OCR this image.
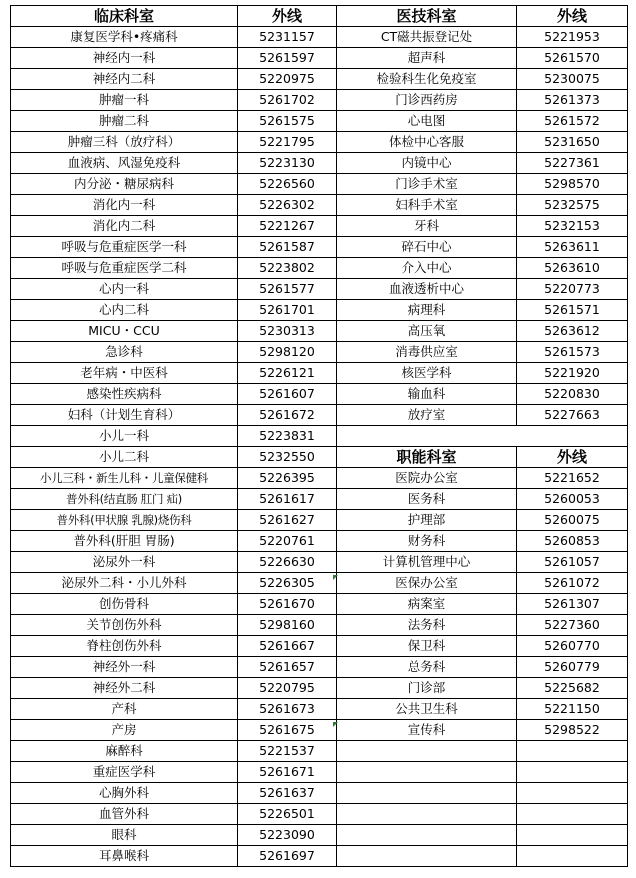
临床科室	外线	医技科室	外线
康复医学科•疼痛科	5231157	CT磁共振登记处	5221953
神经内一科	5261597	超声科	5261570
神经内二科	5220975	检验科生化免疫室	5230075
肿瘤一科	5261702	门诊西药房	5261373
肿瘤二科	5261575	心电图	5261572
肿瘤三科（放疗科）	5221795	体检中心客服	5231650
血液病、风湿免疫科	5223130	内镜中心	5227361
内分泌・糖尿病科	5226560	门诊手术室	5298570
消化内一科	5226302	妇科手术室	5232575
消化内二科	5221267	牙科	5232153
呼吸与危重症医学一科	5261587	碎石中心	5263611
呼吸与危重症医学二科	5223802	介入中心	5263610
心内一科	5261577	血液透析中心	5220773
心内二科	5261701	病理科	5261571
MICU・CCU	5230313	高压氧	5263612
急诊科	5298120	消毒供应室	5261573
老年病・中医科	5226121	核医学科	5221920
感染性疾病科	5261607	输血科	5220830
妇科（计划生育科）	5261672	放疗室	5227663
小儿一科	5223831		
小儿二科	5232550	职能科室	外线
小儿三科・新生儿科・儿童保健科	5226395	医院办公室	5221652
普外科(结直肠 肛门 疝)	5261617	医务科	5260053
普外科(甲状腺 乳腺)烧伤科	5261627	护理部	5260075
普外科(肝胆 胃肠)	5220761	财务科	5260853
泌尿外一科	5226630	计算机管理中心	5261057
泌尿外二科・小儿外科	5226305	医保办公室	5261072
创伤骨科	5261670	病案室	5261307
关节创伤外科	5298160	法务科	5227360
脊柱创伤外科	5261667	保卫科	5260770
神经外一科	5261657	总务科	5260779
神经外二科	5220795	门诊部	5225682
产科	5261673	公共卫生科	5221150
产房	5261675	宣传科	5298522
麻醉科	5221537		
重症医学科	5261671		
心胸外科	5261637		
血管外科	5226501		
眼科	5223090		
耳鼻喉科	5261697		
